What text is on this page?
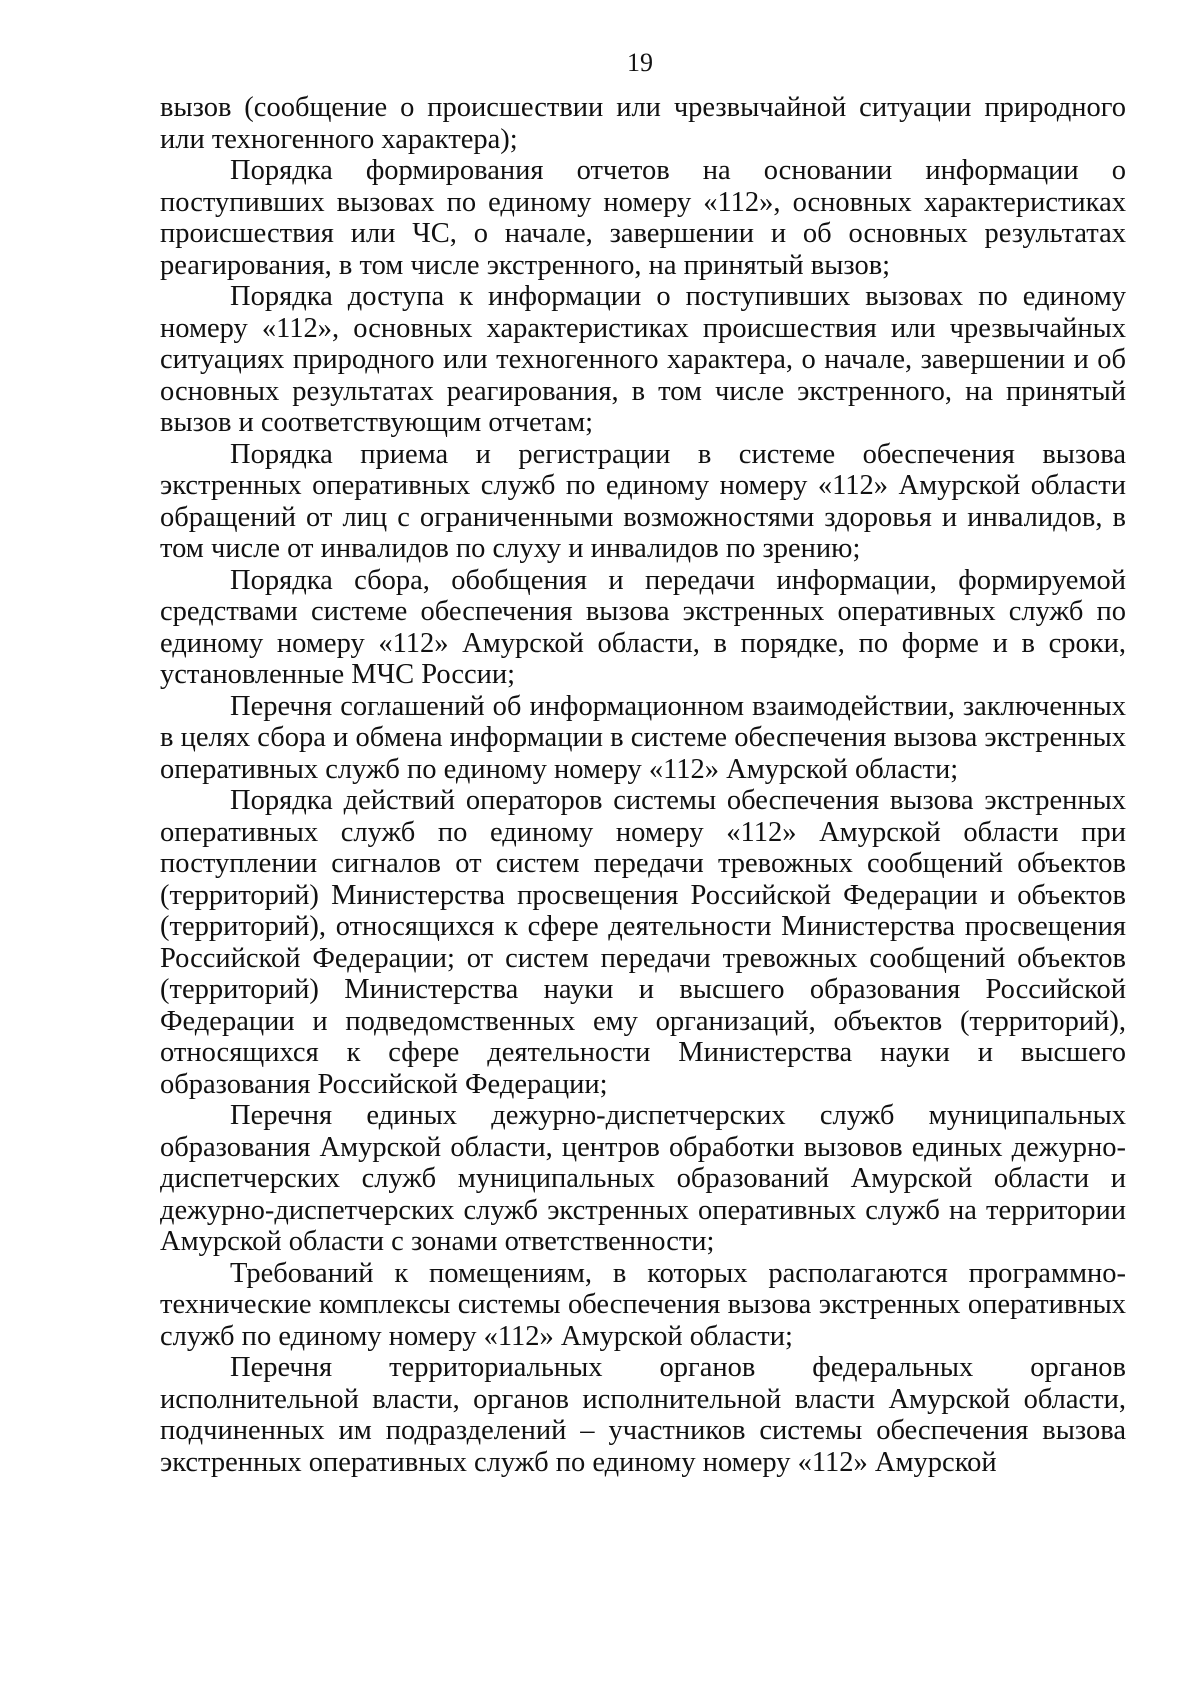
19

вызов (сообщение о происшествии или чрезвычайной ситуации природного или техногенного характера);

Порядка формирования отчетов на основании информации о поступивших вызовах по единому номеру «112», основных характеристиках происшествия или ЧС, о начале, завершении и об основных результатах реагирования, в том числе экстренного, на принятый вызов;

Порядка доступа к информации о поступивших вызовах по единому номеру «112», основных характеристиках происшествия или чрезвычайных ситуациях природного или техногенного характера, о начале, завершении и об основных результатах реагирования, в том числе экстренного, на принятый вызов и соответствующим отчетам;

Порядка приема и регистрации в системе обеспечения вызова экстренных оперативных служб по единому номеру «112» Амурской области обращений от лиц с ограниченными возможностями здоровья и инвалидов, в том числе от инвалидов по слуху и инвалидов по зрению;

Порядка сбора, обобщения и передачи информации, формируемой средствами системе обеспечения вызова экстренных оперативных служб по единому номеру «112» Амурской области, в порядке, по форме и в сроки, установленные МЧС России;

Перечня соглашений об информационном взаимодействии, заключенных в целях сбора и обмена информации в системе обеспечения вызова экстренных оперативных служб по единому номеру «112» Амурской области;

Порядка действий операторов системы обеспечения вызова экстренных оперативных служб по единому номеру «112» Амурской области при поступлении сигналов от систем передачи тревожных сообщений объектов (территорий) Министерства просвещения Российской Федерации и объектов (территорий), относящихся к сфере деятельности Министерства просвещения Российской Федерации; от систем передачи тревожных сообщений объектов (территорий) Министерства науки и высшего образования Российской Федерации и подведомственных ему организаций, объектов (территорий), относящихся к сфере деятельности Министерства науки и высшего образования Российской Федерации;

Перечня единых дежурно-диспетчерских служб муниципальных образования Амурской области, центров обработки вызовов единых дежурно-диспетчерских служб муниципальных образований Амурской области и дежурно-диспетчерских служб экстренных оперативных служб на территории Амурской области с зонами ответственности;

Требований к помещениям, в которых располагаются программно-технические комплексы системы обеспечения вызова экстренных оперативных служб по единому номеру «112» Амурской области;

Перечня территориальных органов федеральных органов исполнительной власти, органов исполнительной власти Амурской области, подчиненных им подразделений – участников системы обеспечения вызова экстренных оперативных служб по единому номеру «112» Амурской
